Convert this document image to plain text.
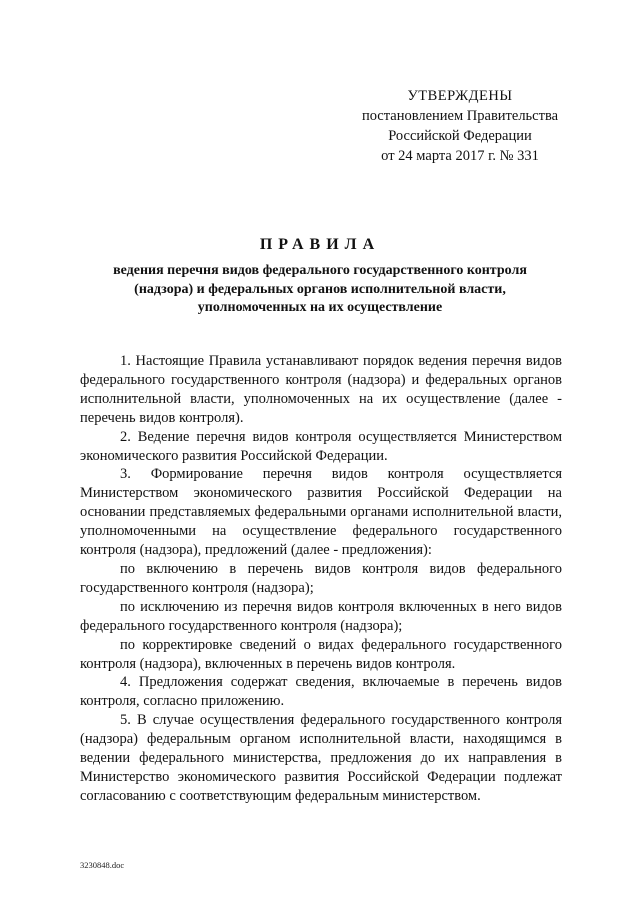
УТВЕРЖДЕНЫ
постановлением Правительства
Российской Федерации
от 24 марта 2017 г. № 331
ПРАВИЛА
ведения перечня видов федерального государственного контроля
(надзора) и федеральных органов исполнительной власти,
уполномоченных на их осуществление

1. Настоящие Правила устанавливают порядок ведения перечня видов федерального государственного контроля (надзора) и федеральных органов исполнительной власти, уполномоченных на их осуществление (далее - перечень видов контроля).

2. Ведение перечня видов контроля осуществляется Министерством экономического развития Российской Федерации.

3. Формирование перечня видов контроля осуществляется Министерством экономического развития Российской Федерации на основании представляемых федеральными органами исполнительной власти, уполномоченными на осуществление федерального государственного контроля (надзора), предложений (далее - предложения):

по включению в перечень видов контроля видов федерального государственного контроля (надзора);

по исключению из перечня видов контроля включенных в него видов федерального государственного контроля (надзора);

по корректировке сведений о видах федерального государственного контроля (надзора), включенных в перечень видов контроля.

4. Предложения содержат сведения, включаемые в перечень видов контроля, согласно приложению.

5. В случае осуществления федерального государственного контроля (надзора) федеральным органом исполнительной власти, находящимся в ведении федерального министерства, предложения до их направления в Министерство экономического развития Российской Федерации подлежат согласованию с соответствующим федеральным министерством.

3230848.doc
